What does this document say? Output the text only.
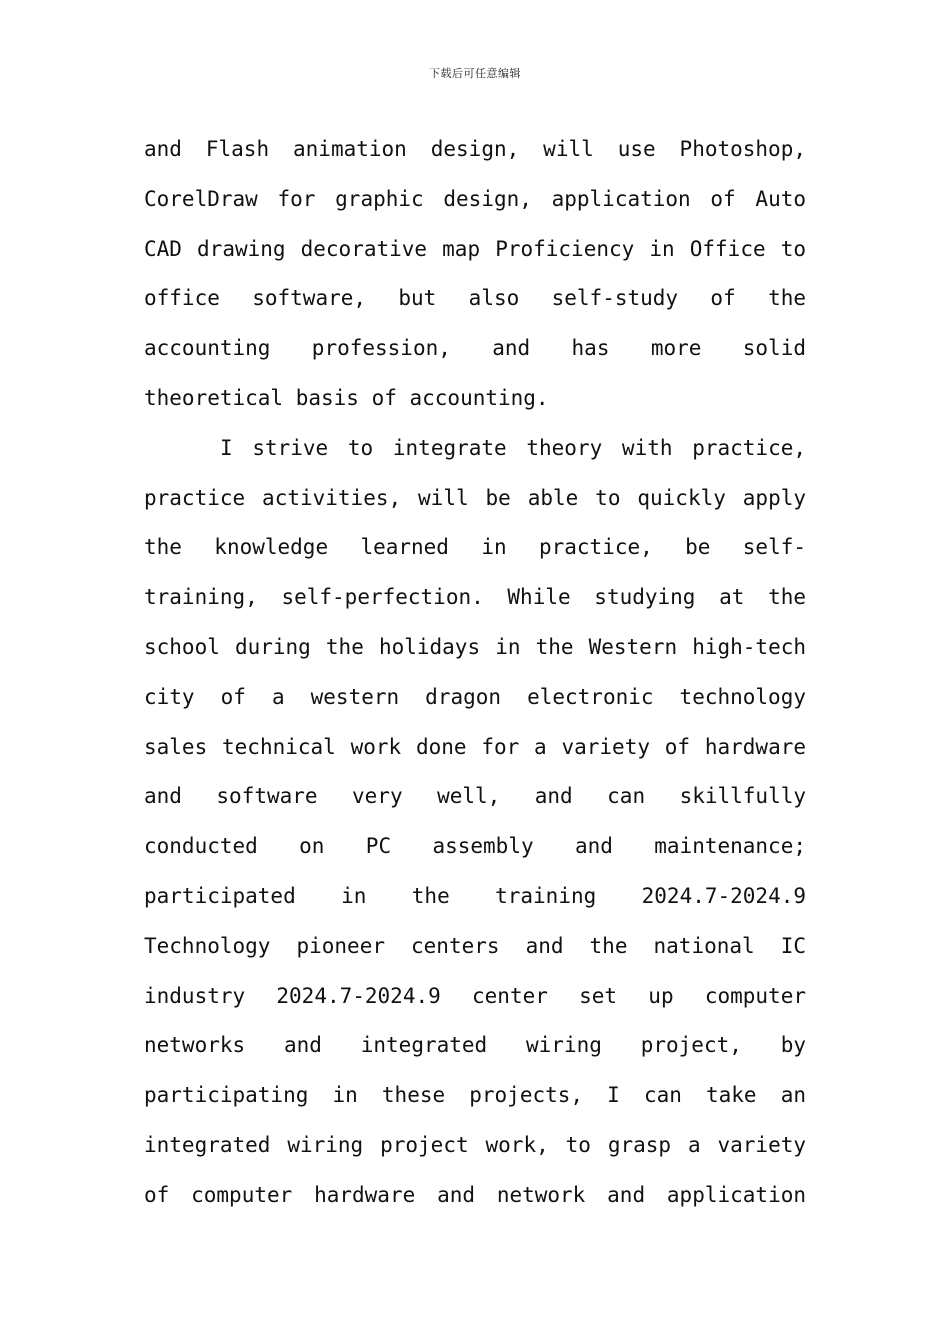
下载后可任意编辑
and Flash animation design, will use Photoshop,
CorelDraw for graphic design, application of Auto
CAD drawing decorative map Proficiency in Office to
office software, but also self-study of the
accounting profession, and has more solid
theoretical basis of accounting.
I strive to integrate theory with practice,
practice activities, will be able to quickly apply
the knowledge learned in practice, be self-
training, self-perfection. While studying at the
school during the holidays in the Western high-tech
city of a western dragon electronic technology
sales technical work done for a variety of hardware
and software very well, and can skillfully
conducted on PC assembly and maintenance;
participated in the training 2024.7-2024.9
Technology pioneer centers and the national IC
industry 2024.7-2024.9 center set up computer
networks and integrated wiring project, by
participating in these projects, I can take an
integrated wiring project work, to grasp a variety
of computer hardware and network and application
